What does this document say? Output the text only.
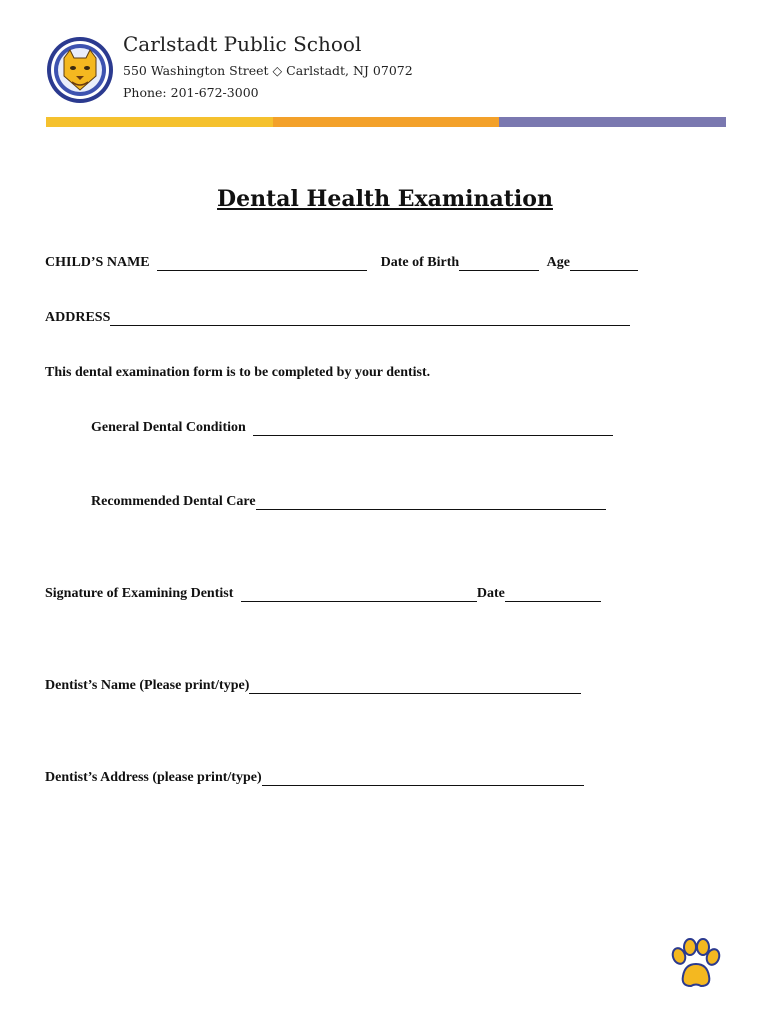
Carlstadt Public School
550 Washington Street ◇ Carlstadt, NJ 07072
Phone: 201-672-3000
Dental Health Examination
CHILD’S NAME	Date of Birth	Age
ADDRESS
This dental examination form is to be completed by your dentist.
General Dental Condition
Recommended Dental Care
Signature of Examining Dentist	Date
Dentist’s Name (Please print/type)
Dentist’s Address (please print/type)
